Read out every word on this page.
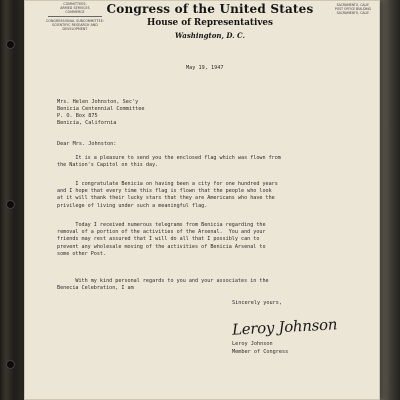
COMMITTEES:
ARMED SERVICES
COMMERCE
CONGRESSIONAL SUBCOMMITTEE:
SCIENTIFIC RESEARCH AND
DEVELOPMENT
SACRAMENTO, CALIF.
POST OFFICE BUILDING
SACRAMENTO, CALIF.
Congress of the United States
House of Representatives
Washington, D. C.
May 19, 1947
Mrs. Helen Johnston, Sec'y
Benicia Centennial Committee
P. O. Box 875
Benicia, California
Dear Mrs. Johnston:
It is a pleasure to send you the enclosed flag which was flown from
the Nation's Capitol on this day.
I congratulate Benicia on having been a city for one hundred years
and I hope that every time this flag is flown that the people who look
at it will thank their lucky stars that they are Americans who have the
privilege of living under such a meaningful flag.
Today I received numerous telegrams from Benicia regarding the
removal of a portion of the activities of the Arsenal.  You and your
friends may rest assured that I will do all that I possibly can to
prevent any wholesale moving of the activities of Benicia Arsenal to
some other Post.
With my kind personal regards to you and your associates in the
Benecia Celebration, I am
Sincerely yours,
Leroy Johnson
Leroy Johnson
Member of Congress
